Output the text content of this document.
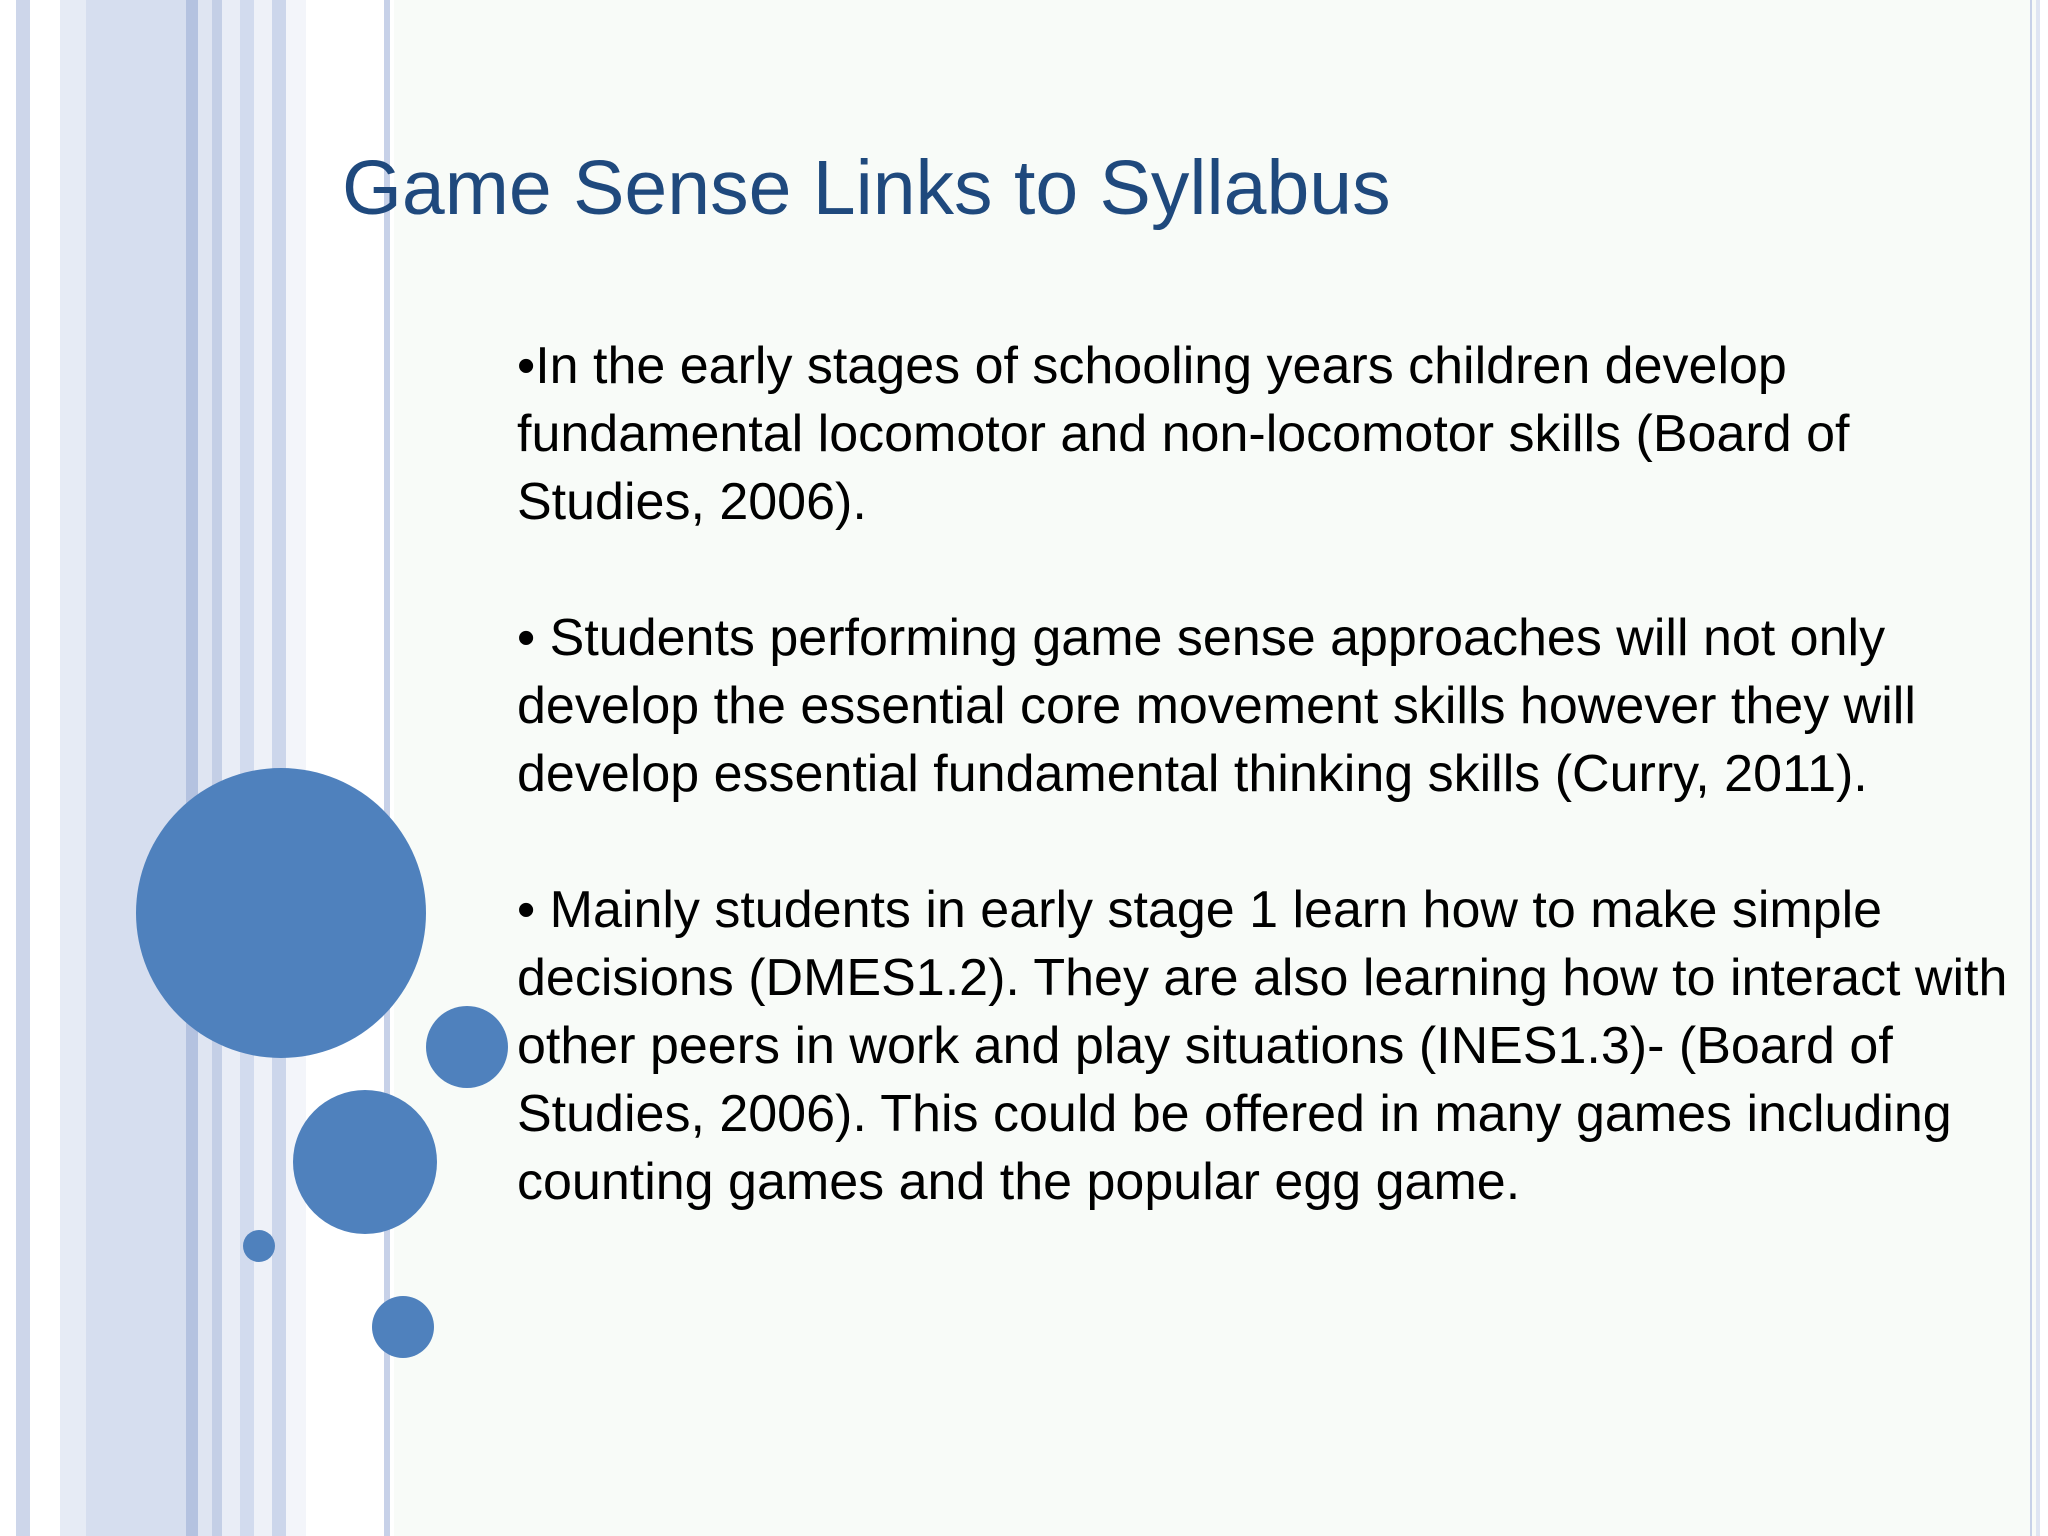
Game Sense Links to Syllabus

•In the early stages of schooling years children develop fundamental locomotor and non-locomotor skills (Board of Studies, 2006).

• Students performing game sense approaches will not only develop the essential core movement skills however they will develop essential fundamental thinking skills (Curry, 2011).

• Mainly students in early stage 1 learn how to make simple decisions (DMES1.2). They are also learning how to interact with other peers in work and play situations (INES1.3)- (Board of Studies, 2006). This could be offered in many games including counting games and the popular egg game.
